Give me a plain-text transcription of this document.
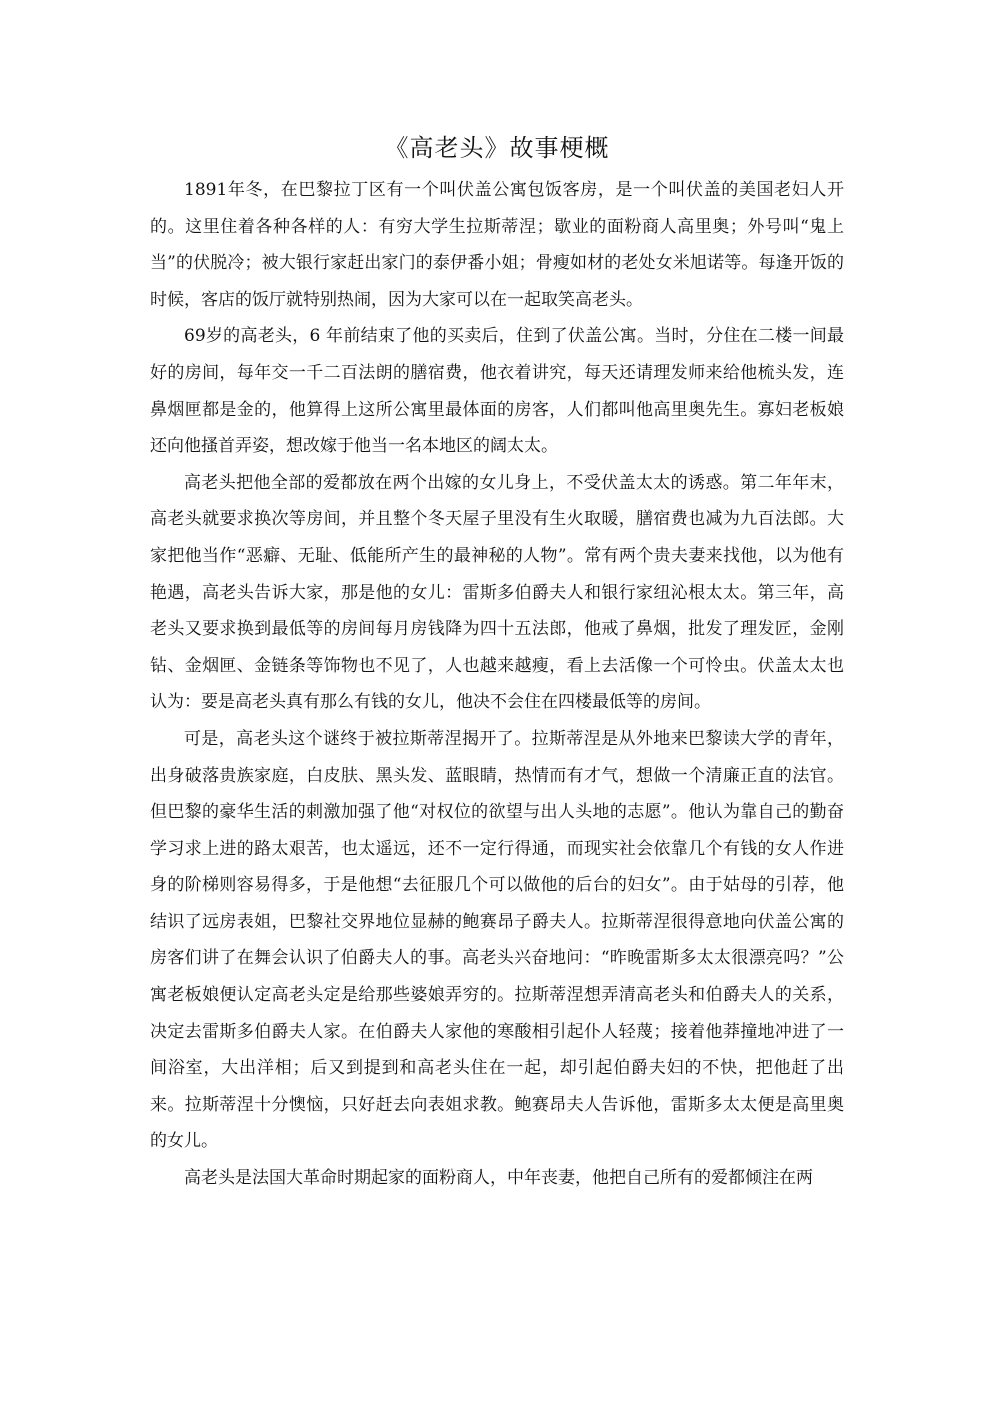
《高老头》故事梗概

1891年冬，在巴黎拉丁区有一个叫伏盖公寓包饭客房，是一个叫伏盖的美国老妇人开的。这里住着各种各样的人：有穷大学生拉斯蒂涅；歇业的面粉商人高里奥；外号叫“鬼上当”的伏脱冷；被大银行家赶出家门的泰伊番小姐；骨瘦如材的老处女米旭诺等。每逢开饭的时候，客店的饭厅就特别热闹，因为大家可以在一起取笑高老头。

69岁的高老头，6 年前结束了他的买卖后，住到了伏盖公寓。当时，分住在二楼一间最好的房间，每年交一千二百法朗的膳宿费，他衣着讲究，每天还请理发师来给他梳头发，连鼻烟匣都是金的，他算得上这所公寓里最体面的房客，人们都叫他高里奥先生。寡妇老板娘还向他搔首弄姿，想改嫁于他当一名本地区的阔太太。

高老头把他全部的爱都放在两个出嫁的女儿身上，不受伏盖太太的诱惑。第二年年末，高老头就要求换次等房间，并且整个冬天屋子里没有生火取暖，膳宿费也减为九百法郎。大家把他当作“恶癖、无耻、低能所产生的最神秘的人物”。常有两个贵夫妻来找他，以为他有艳遇，高老头告诉大家，那是他的女儿：雷斯多伯爵夫人和银行家纽沁根太太。第三年，高老头又要求换到最低等的房间每月房钱降为四十五法郎，他戒了鼻烟，批发了理发匠，金刚钻、金烟匣、金链条等饰物也不见了，人也越来越瘦，看上去活像一个可怜虫。伏盖太太也认为：要是高老头真有那么有钱的女儿，他决不会住在四楼最低等的房间。

可是，高老头这个谜终于被拉斯蒂涅揭开了。拉斯蒂涅是从外地来巴黎读大学的青年，出身破落贵族家庭，白皮肤、黑头发、蓝眼睛，热情而有才气，想做一个清廉正直的法官。但巴黎的豪华生活的刺激加强了他“对权位的欲望与出人头地的志愿”。他认为靠自己的勤奋学习求上进的路太艰苦，也太遥远，还不一定行得通，而现实社会依靠几个有钱的女人作进身的阶梯则容易得多，于是他想“去征服几个可以做他的后台的妇女”。由于姑母的引荐，他结识了远房表姐，巴黎社交界地位显赫的鲍赛昂子爵夫人。拉斯蒂涅很得意地向伏盖公寓的房客们讲了在舞会认识了伯爵夫人的事。高老头兴奋地问：“昨晚雷斯多太太很漂亮吗？”公寓老板娘便认定高老头定是给那些婆娘弄穷的。拉斯蒂涅想弄清高老头和伯爵夫人的关系，决定去雷斯多伯爵夫人家。在伯爵夫人家他的寒酸相引起仆人轻蔑；接着他莽撞地冲进了一间浴室，大出洋相；后又到提到和高老头住在一起，却引起伯爵夫妇的不快，把他赶了出来。拉斯蒂涅十分懊恼，只好赶去向表姐求教。鲍赛昂夫人告诉他，雷斯多太太便是高里奥的女儿。

高老头是法国大革命时期起家的面粉商人，中年丧妻，他把自己所有的爱都倾注在两
